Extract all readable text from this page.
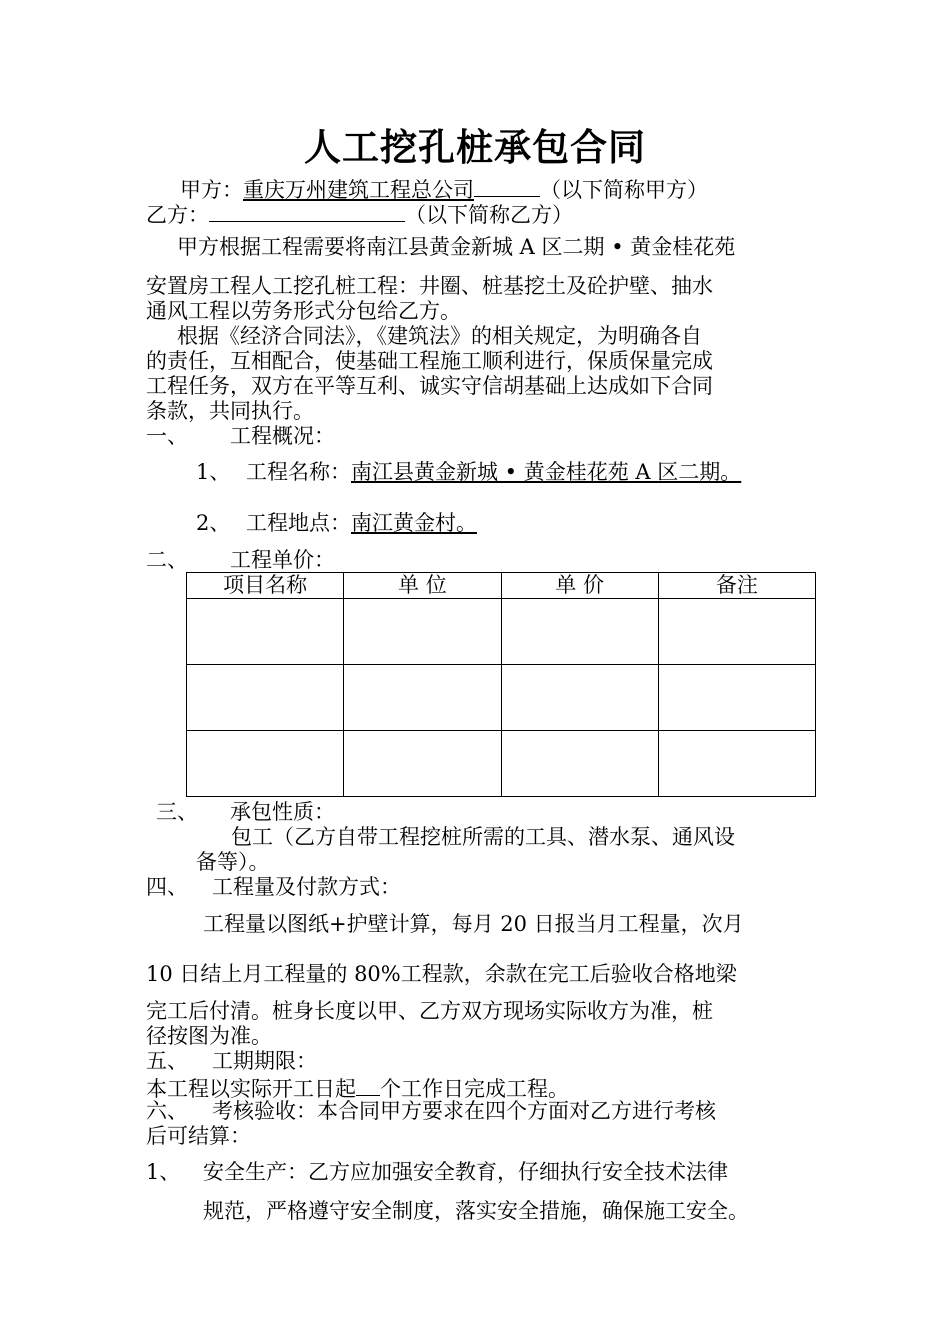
人工挖孔桩承包合同
甲方：重庆万州建筑工程总公司	（以下简称甲方）
乙方：	（以下简称乙方）
甲方根据工程需要将南江县黄金新城 A 区二期 • 黄金桂花苑
安置房工程人工挖孔桩工程：井圈、桩基挖土及砼护壁、抽水
通风工程以劳务形式分包给乙方。
根据《经济合同法》，《建筑法》的相关规定，为明确各自
的责任，互相配合，使基础工程施工顺利进行，保质保量完成
工程任务，双方在平等互利、诚实守信胡基础上达成如下合同
条款，共同执行。
一、 工程概况：
1、 工程名称：南江县黄金新城 • 黄金桂花苑 A 区二期。
2、 工程地点：南江黄金村。
二、 工程单价：
项目名称	单 位	单 价	备注

三、 承包性质：
包工（乙方自带工程挖桩所需的工具、潜水泵、通风设
备等）。
四、 工程量及付款方式：
工程量以图纸+护壁计算，每月 20 日报当月工程量，次月
10 日结上月工程量的 80%工程款，余款在完工后验收合格地梁
完工后付清。桩身长度以甲、乙方双方现场实际收方为准，桩
径按图为准。
五、 工期期限：
本工程以实际开工日起 个工作日完成工程。
六、 考核验收：本合同甲方要求在四个方面对乙方进行考核
后可结算：
1、 安全生产：乙方应加强安全教育，仔细执行安全技术法律
规范，严格遵守安全制度，落实安全措施，确保施工安全。
